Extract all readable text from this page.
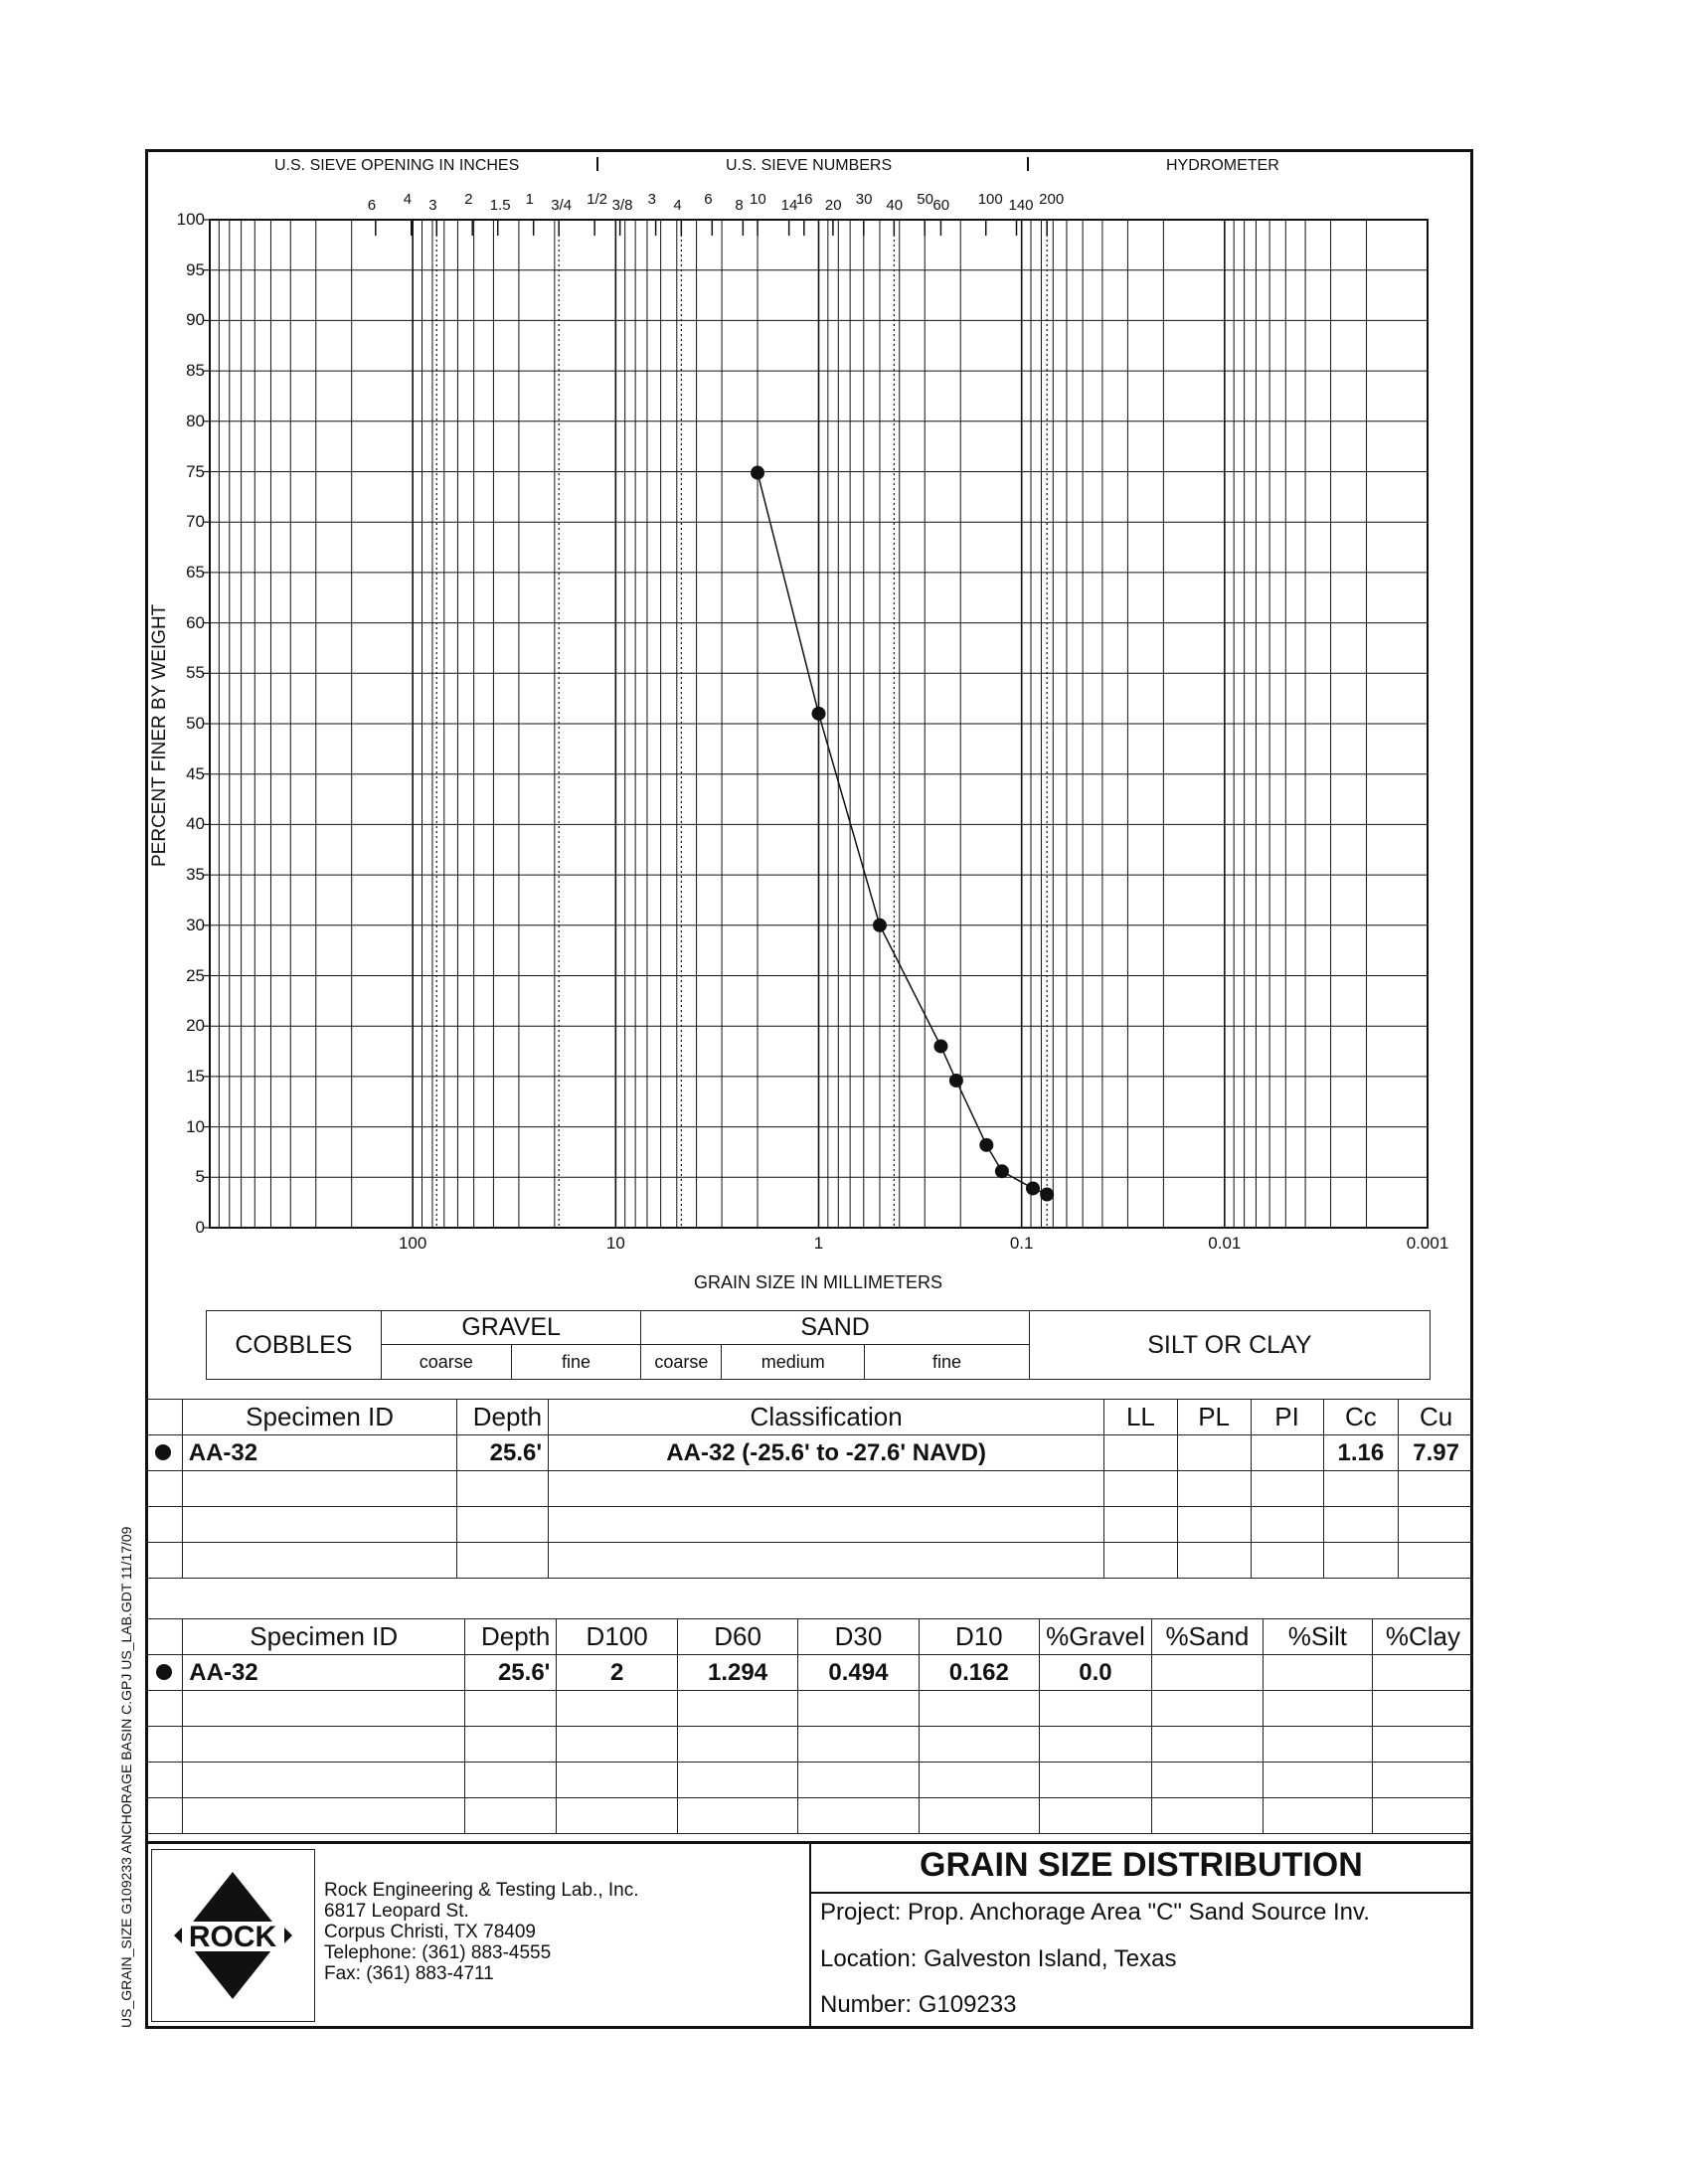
U.S. SIEVE OPENING IN INCHES	U.S. SIEVE NUMBERS	HYDROMETER
6 4 3 2 1.5 1 3/4 1/2 3/8 3 4 6 8 10 14
16 20 30 40 50 60 100 140 200
0
5
10
15
20
25
30
35
40
45
50
55
60
65
70
75
80
85
90
95
100
100	10	1	0.1	0.01	0.001
PERCENT FINER BY WEIGHT
GRAIN SIZE IN MILLIMETERS
COBBLES	GRAVEL		SAND			SILT OR CLAY
	coarse	fine	coarse	medium	fine	
	Specimen ID	Depth	Classification	LL	PL	PI	Cc	Cu
	AA-32	25.6'	AA-32 (-25.6' to -27.6' NAVD)				1.16	7.97

	Specimen ID	Depth	D100	D60	D30	D10	%Gravel	%Sand	%Silt	%Clay
	AA-32	25.6'	2	1.294	0.494	0.162	0.0			

ROCK
Rock Engineering & Testing Lab., Inc.
6817 Leopard St.
Corpus Christi, TX 78409
Telephone: (361) 883-4555
Fax: (361) 883-4711
GRAIN SIZE DISTRIBUTION
Project: Prop. Anchorage Area "C" Sand Source Inv.
Location: Galveston Island, Texas
Number: G109233
US_GRAIN_SIZE G109233 ANCHORAGE BASIN C.GPJ US_LAB.GDT 11/17/09
